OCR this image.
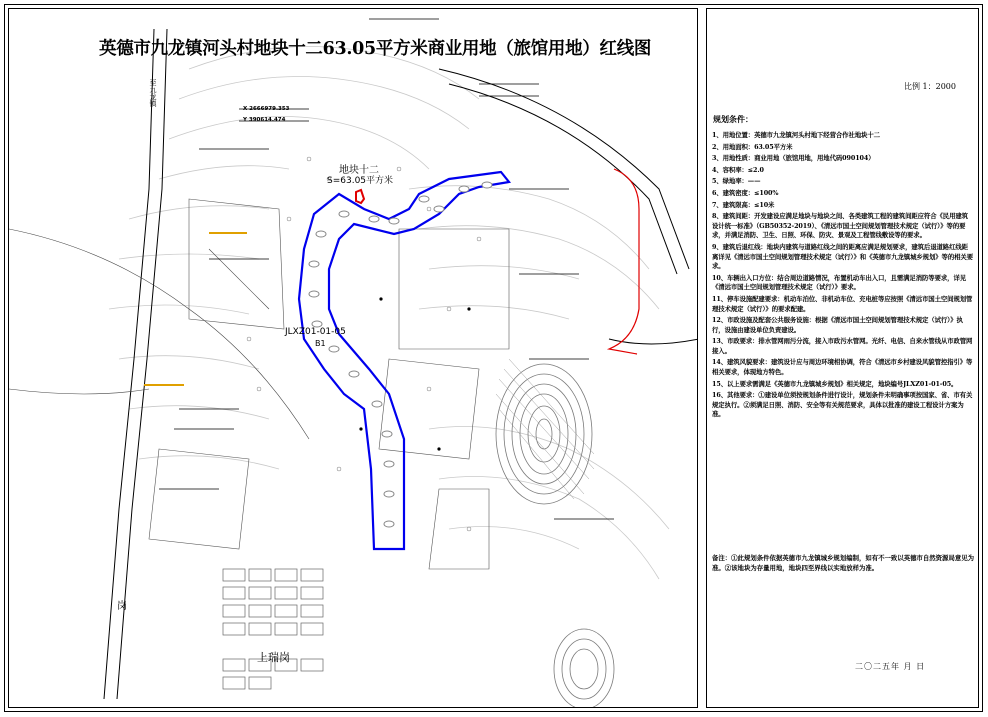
英德市九龙镇河头村地块十二63.05平方米商业用地（旅馆用地）红线图
地块十二
S=63.05平方米
JLXZ01-01-05
B1
上瑞岗
岗
至九龙镇
X 2666979.353
Y 390614.474
比例 1：2000
规划条件：
1、用地位置：英德市九龙镇河头村地下经营合作社地块十二
2、用地面积：63.05平方米
3、用地性质：商业用地（旅馆用地，用地代码090104）
4、容积率：≤2.0
5、绿地率：——
6、建筑密度：≤100%
7、建筑限高：≤10米
8、建筑间距：开发建设应满足地块与地块之间、各类建筑工程的建筑间距应符合《民用建筑设计统一标准》（GB50352-2019）、《清远市国土空间规划管理技术规定（试行）》等的要求，并满足消防、卫生、日照、环保、防灾、景观及工程管线敷设等的要求。
9、建筑后退红线：地块内建筑与道路红线之间的距离应满足规划要求，建筑后退道路红线距离详见《清远市国土空间规划管理技术规定（试行）》和《英德市九龙镇城乡规划》等的相关要求。
10、车辆出入口方位：结合周边道路情况，布置机动车出入口，且需满足消防等要求，详见《清远市国土空间规划管理技术规定（试行）》要求。
11、停车设施配建要求：机动车泊位、非机动车位、充电桩等应按照《清远市国土空间规划管理技术规定（试行）》的要求配建。
12、市政设施及配套公共服务设施：根据《清远市国土空间规划管理技术规定（试行）》执行，设施由建设单位负责建设。
13、市政要求：排水管网雨污分流，接入市政污水管网。光纤、电信、自来水管线从市政管网接入。
14、建筑风貌要求：建筑设计应与周边环境相协调，符合《清远市乡村建设风貌管控指引》等相关要求，体现地方特色。
15、以上要求需满足《英德市九龙镇城乡规划》相关规定，地块编号JLXZ01-01-05。
16、其他要求：①建设单位须按规划条件进行设计，规划条件未明确事项按国家、省、市有关规定执行。②须满足日照、消防、安全等有关规范要求，具体以批准的建设工程设计方案为准。
备注：①此规划条件依据英德市九龙镇城乡规划编制，如有不一致以英德市自然资源局意见为准。②该地块为存量用地，地块四至界线以实地放样为准。
二〇二五年 月 日
